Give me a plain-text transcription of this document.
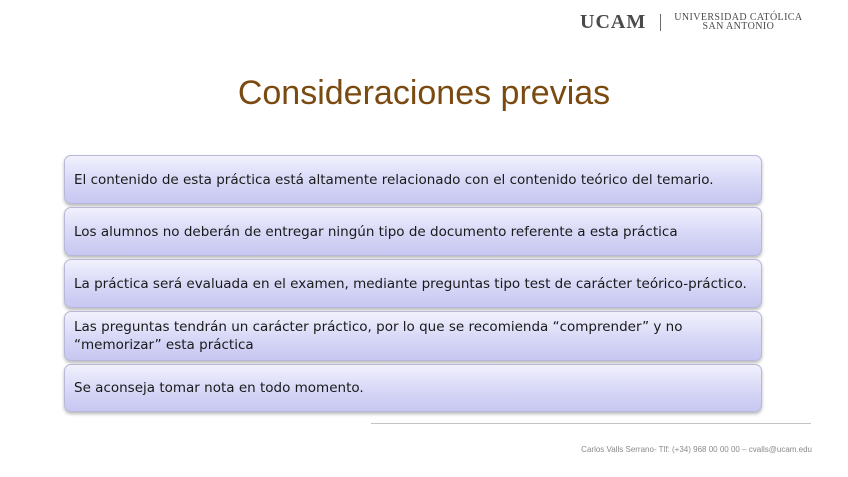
UCAM	UNIVERSIDAD CATÓLICA
SAN ANTONIO
Consideraciones previas
El contenido de esta práctica está altamente relacionado con el contenido teórico del temario.
Los alumnos no deberán de entregar ningún tipo de documento referente a esta práctica
La práctica será evaluada en el examen, mediante preguntas tipo test de carácter teórico-práctico.
Las preguntas tendrán un carácter práctico, por lo que se recomienda “comprender” y no “memorizar” esta práctica
Se aconseja tomar nota en todo momento.
Carlos Valls Serrano- Tlf: (+34) 968 00 00 00 – cvalls@ucam.edu
